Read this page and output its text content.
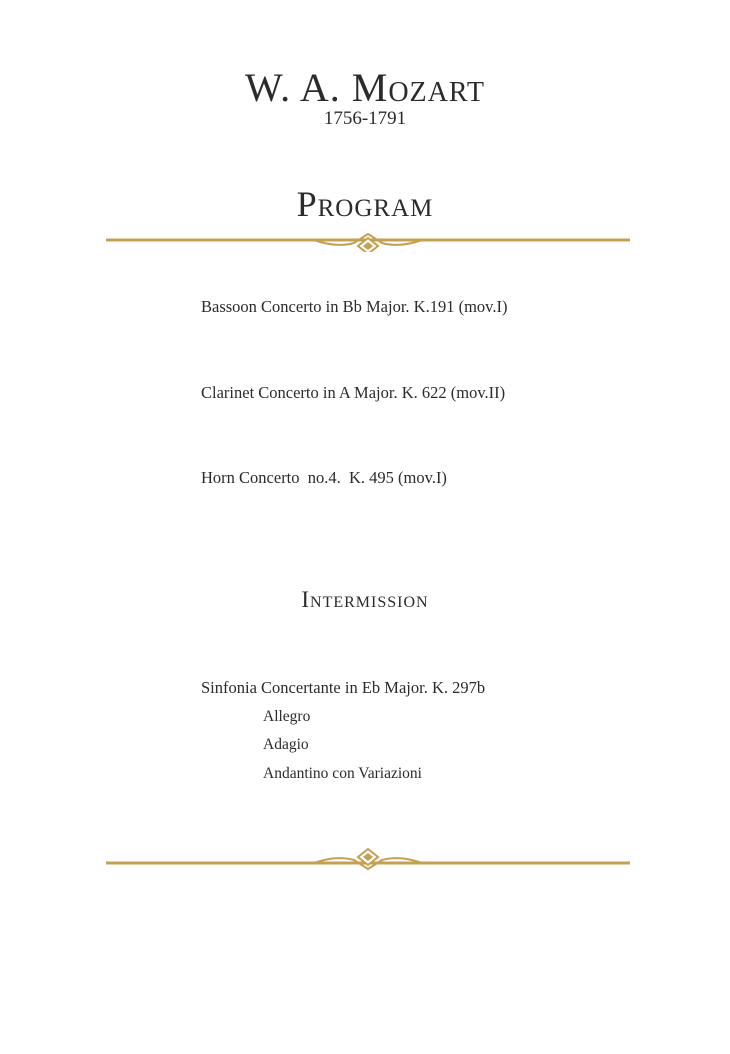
W. A. Mozart
1756-1791
Program
Bassoon Concerto in Bb Major. K.191 (mov.I)
Clarinet Concerto in A Major. K. 622 (mov.II)
Horn Concerto  no.4.  K. 495 (mov.I)
Intermission
Sinfonia Concertante in Eb Major. K. 297b
Allegro
Adagio
Andantino con Variazioni
